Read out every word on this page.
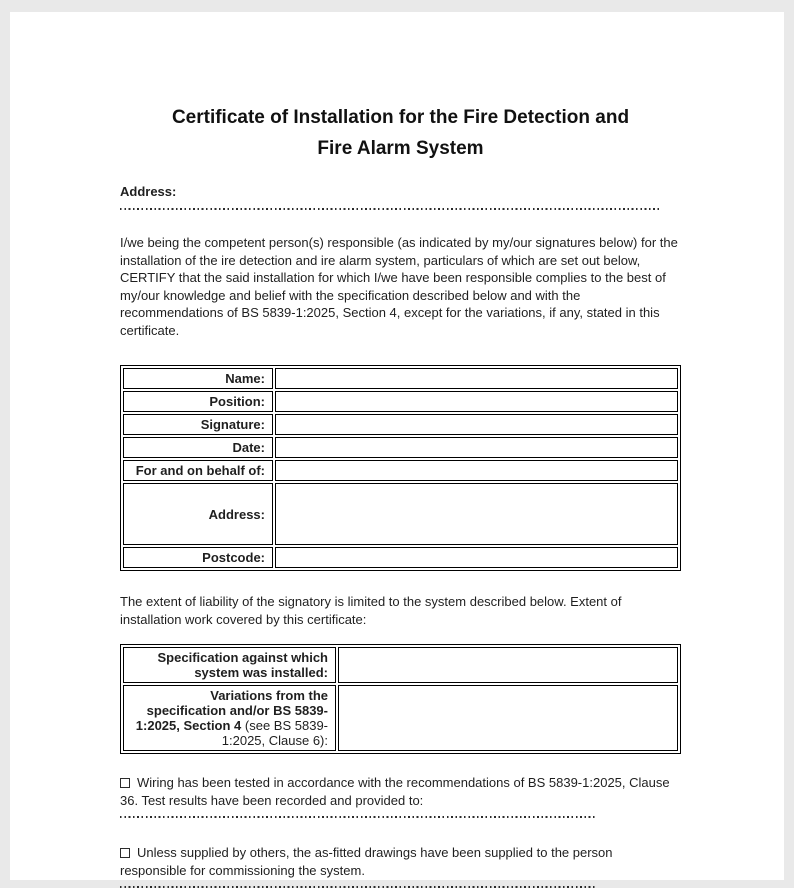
Certificate of Installation for the Fire Detection and
Fire Alarm System
Address:

I/we being the competent person(s) responsible (as indicated by my/our signatures below) for the installation of the ire detection and ire alarm system, particulars of which are set out below, CERTIFY that the said installation for which I/we have been responsible complies to the best of my/our knowledge and belief with the specification described below and with the recommendations of BS 5839-1:2025, Section 4, except for the variations, if any, stated in this certificate.

Name:	
Position:	
Signature:	
Date:	
For and on behalf of:	
Address:	
Postcode:	

The extent of liability of the signatory is limited to the system described below. Extent of installation work covered by this certificate:

Specification against which system was installed:	
Variations from the specification and/or BS 5839-1:2025, Section 4 (see BS 5839-1:2025, Clause 6):	

Wiring has been tested in accordance with the recommendations of BS 5839-1:2025, Clause 36. Test results have been recorded and provided to:

Unless supplied by others, the as-fitted drawings have been supplied to the person responsible for commissioning the system.
